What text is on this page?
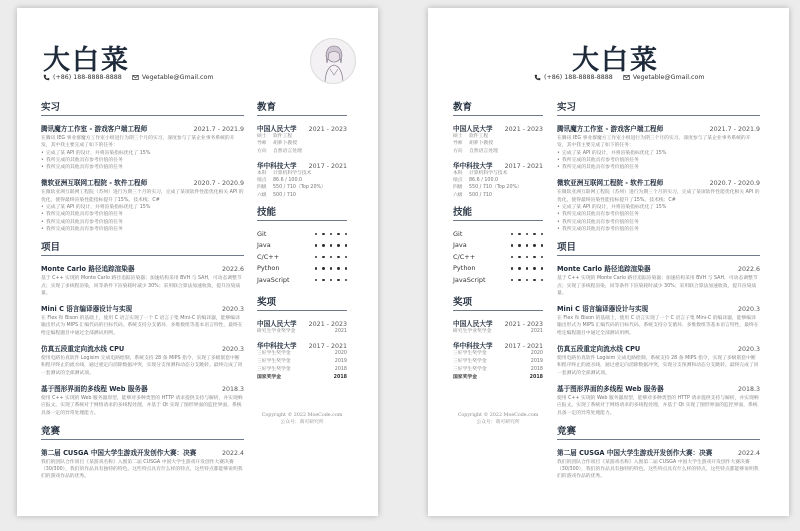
大白菜
(+86) 188-8888-8888	Vegetable@Gmail.com
实习
腾讯魔方工作室 - 游戏客户端工程师	2021.7 - 2021.9
在腾讯 IEG 事业群魔方工作室小组进行为期三个月的实习，深度参与了某企业事务系统的开发，其中我主要完成了如下的任务：
• 完成了某 API 的设计，并将渲染指标优化了 15%
• 我所完成的其他具有参考价值的任务
• 我所完成的其他具有参考价值的任务
微软亚洲互联网工程院 - 软件工程师	2020.7 - 2020.9
在微软亚洲互联网工程院（苏州）进行为期三个月的实习，完成了某项软件性能优化相关 API 的优化，使得最终渲染性能指标提升了15%。技术栈：C#
• 完成了某 API 的设计，并将渲染指标优化了 15%
• 我所完成的其他具有参考价值的任务
• 我所完成的其他具有参考价值的任务
• 我所完成的其他具有参考价值的任务
项目
Monte Carlo 路径追踪渲染器	2022.6
基于 C++ 实现的 Monte Carlo 路径追踪渲染器；加速结构采用 BVH 与 SAH，可动态调整节点；实现了多线程渲染，同等条件下渲染耗时减少 30%；采用联合算法加速收敛，提升渲染质量。
Mini C 语言编译器设计与实现	2020.3
在 Flex 和 Bison 的基础上，使用 C 语言实现了一个 C 语言子集 Mini-C 的编译器，能够编译输出形式为 MIPS 汇编代码的目标代码。系统支持分支循环、多维数组等基本语言特性，最终在给定编程题目中通过全部测试用例。
仿真五段重定向流水线 CPU	2020.3
使用电路仿真软件 Logisim 完成电路绘制，系统支持 28 条 MIPS 指令，实现了多级嵌套中断和程序终止的流水线，通过重定向消除数据冲突，实现分支预测和动态分支跳转。最终完成了同一套测试的全部测试项。
基于图形界面的多线程 Web 服务器	2018.3
使用 C++ 实现的 Web 服务器原型，能够对多种类型的 HTTP 请求提供支持与解析，并实现响应报文。实现了系统对于网络请求的多线程处理，并基于 Qt 实现了图形界面的监控界面，系统具备一定的异常处理能力。
竞赛
第二届 CUSGA 中国大学生游戏开发创作大赛：决赛	2022.4
我们的团队合作项目《某游戏名称》入围第二届 CUSGA 中国大学生游戏开发创作大赛决赛（30/300），我们的作品具有独特的特色。这些特点具有什么样的特点，这些特点都能够说明我们的游戏作品的优秀。
教育
中国人民大学 2021 - 2023
硕士	软件工程
导师	胡萝卜教授
方向	自然语言处理
华中科技大学 2017 - 2021
本科	计算机科学与技术
绩点	86.6 / 100.0
四级	550 / 710（Top 20%）
六级	500 / 710
技能
Git
Java
C/C++
Python
JavaScript
奖项
中国人民大学 2021 - 2023
研究生学业奖学金	2021
华中科技大学 2017 - 2021
三好学生奖学金	2020
三好学生奖学金	2019
三好学生奖学金	2018
国家奖学金	2018
Copyright © 2022 MoeCode.com
公众号：萌可研究所
大白菜
(+86) 188-8888-8888	Vegetable@Gmail.com
教育
中国人民大学 2021 - 2023
硕士	软件工程
导师	胡萝卜教授
方向	自然语言处理
华中科技大学 2017 - 2021
本科	计算机科学与技术
绩点	86.6 / 100.0
四级	550 / 710（Top 20%）
六级	500 / 710
技能
Git
Java
C/C++
Python
JavaScript
奖项
中国人民大学 2021 - 2023
研究生学业奖学金	2021
华中科技大学 2017 - 2021
三好学生奖学金	2020
三好学生奖学金	2019
三好学生奖学金	2018
国家奖学金	2018
Copyright © 2022 MoeCode.com
公众号：萌可研究所
实习
腾讯魔方工作室 - 游戏客户端工程师	2021.7 - 2021.9
在腾讯 IEG 事业群魔方工作室小组进行为期三个月的实习，深度参与了某企业事务系统的开发，其中我主要完成了如下的任务：
• 完成了某 API 的设计，并将渲染指标优化了 15%
• 我所完成的其他具有参考价值的任务
• 我所完成的其他具有参考价值的任务
微软亚洲互联网工程院 - 软件工程师	2020.7 - 2020.9
在微软亚洲互联网工程院（苏州）进行为期三个月的实习，完成了某项软件性能优化相关 API 的优化，使得最终渲染性能指标提升了15%。技术栈：C#
• 完成了某 API 的设计，并将渲染指标优化了 15%
• 我所完成的其他具有参考价值的任务
• 我所完成的其他具有参考价值的任务
• 我所完成的其他具有参考价值的任务
项目
Monte Carlo 路径追踪渲染器	2022.6
基于 C++ 实现的 Monte Carlo 路径追踪渲染器；加速结构采用 BVH 与 SAH，可动态调整节点；实现了多线程渲染，同等条件下渲染耗时减少 30%；采用联合算法加速收敛，提升渲染质量。
Mini C 语言编译器设计与实现	2020.3
在 Flex 和 Bison 的基础上，使用 C 语言实现了一个 C 语言子集 Mini-C 的编译器，能够编译输出形式为 MIPS 汇编代码的目标代码。系统支持分支循环、多维数组等基本语言特性，最终在给定编程题目中通过全部测试用例。
仿真五段重定向流水线 CPU	2020.3
使用电路仿真软件 Logisim 完成电路绘制，系统支持 28 条 MIPS 指令，实现了多级嵌套中断和程序终止的流水线，通过重定向消除数据冲突，实现分支预测和动态分支跳转。最终完成了同一套测试的全部测试项。
基于图形界面的多线程 Web 服务器	2018.3
使用 C++ 实现的 Web 服务器原型，能够对多种类型的 HTTP 请求提供支持与解析，并实现响应报文。实现了系统对于网络请求的多线程处理，并基于 Qt 实现了图形界面的监控界面，系统具备一定的异常处理能力。
竞赛
第二届 CUSGA 中国大学生游戏开发创作大赛：决赛	2022.4
我们的团队合作项目《某游戏名称》入围第二届 CUSGA 中国大学生游戏开发创作大赛决赛（30/300），我们的作品具有独特的特色。这些特点具有什么样的特点，这些特点都能够说明我们的游戏作品的优秀。
